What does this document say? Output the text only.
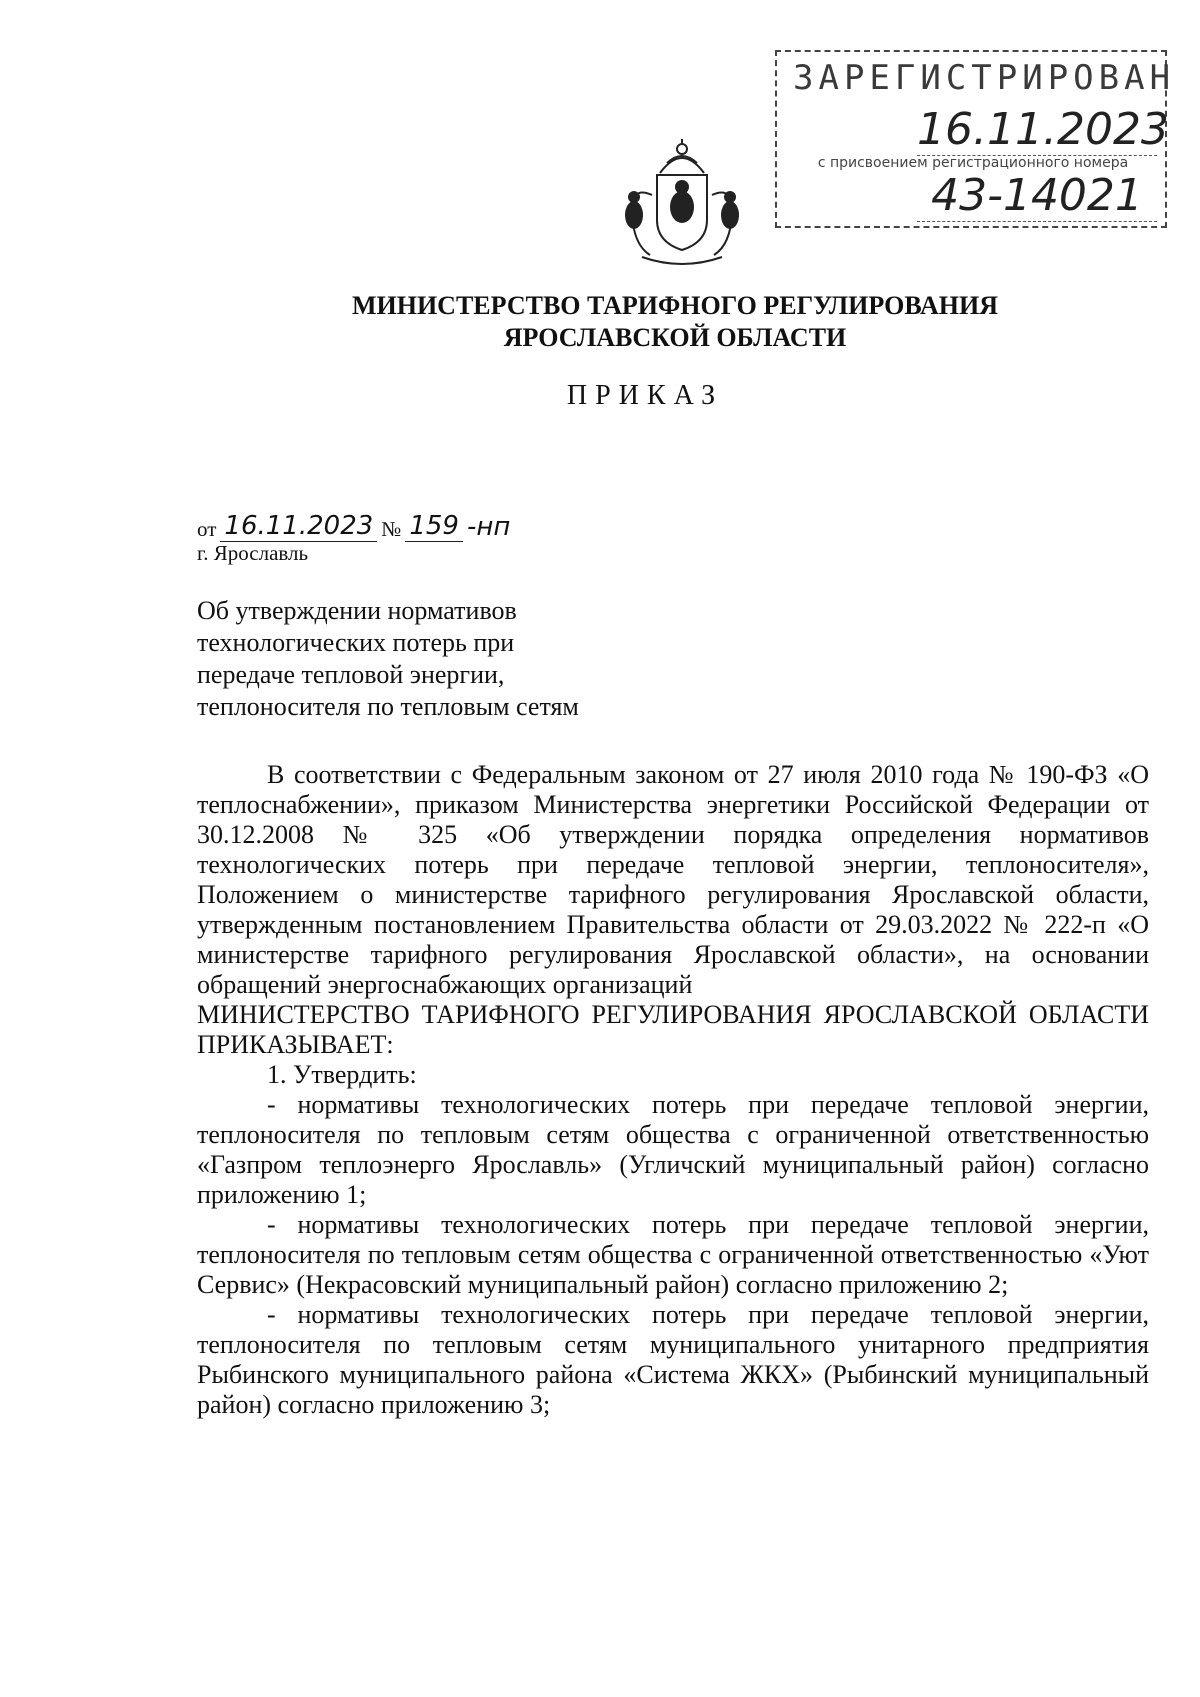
ЗАРЕГИСТРИРОВАН
16.11.2023
с присвоением регистрационного номера
43-14021
МИНИСТЕРСТВО ТАРИФНОГО РЕГУЛИРОВАНИЯ
ЯРОСЛАВСКОЙ ОБЛАСТИ
ПРИКАЗ
от 16.11.2023 № 159 -нп
г. Ярославль
Об утверждении нормативов
технологических потерь при
передаче тепловой энергии,
теплоносителя по тепловым сетям

В соответствии с Федеральным законом от 27 июля 2010 года № 190-ФЗ «О теплоснабжении», приказом Министерства энергетики Российской Федерации от 30.12.2008 № 325 «Об утверждении порядка определения нормативов технологических потерь при передаче тепловой энергии, теплоносителя», Положением о министерстве тарифного регулирования Ярославской области, утвержденным постановлением Правительства области от 29.03.2022 № 222-п «О министерстве тарифного регулирования Ярославской области», на основании обращений энергоснабжающих организаций

МИНИСТЕРСТВО ТАРИФНОГО РЕГУЛИРОВАНИЯ ЯРОСЛАВСКОЙ ОБЛАСТИ ПРИКАЗЫВАЕТ:

1. Утвердить:

- нормативы технологических потерь при передаче тепловой энергии, теплоносителя по тепловым сетям общества с ограниченной ответственностью «Газпром теплоэнерго Ярославль» (Угличский муниципальный район) согласно приложению 1;

- нормативы технологических потерь при передаче тепловой энергии, теплоносителя по тепловым сетям общества с ограниченной ответственностью «Уют Сервис» (Некрасовский муниципальный район) согласно приложению 2;

- нормативы технологических потерь при передаче тепловой энергии, теплоносителя по тепловым сетям муниципального унитарного предприятия Рыбинского муниципального района «Система ЖКХ» (Рыбинский муниципальный район) согласно приложению 3;
